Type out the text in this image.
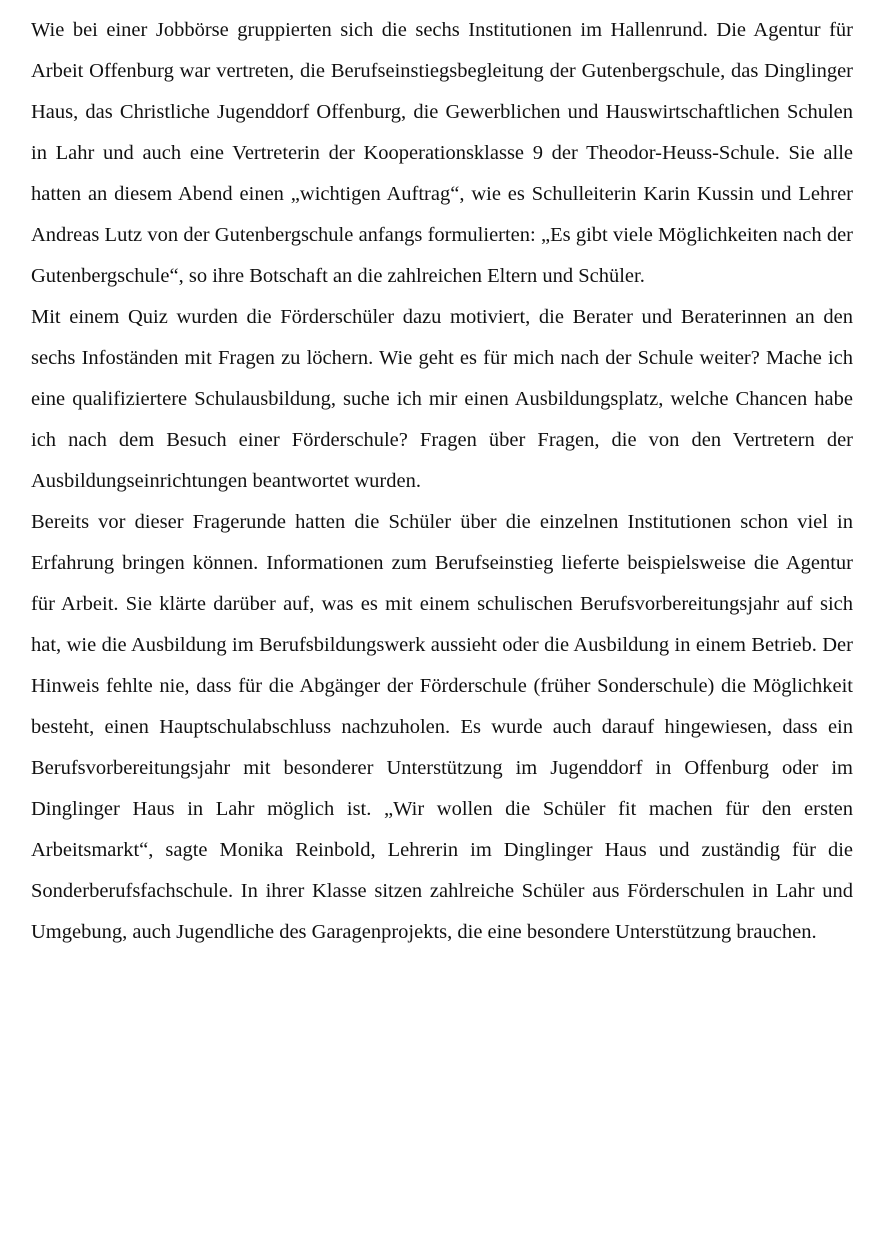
Wie bei einer Jobbörse gruppierten sich die sechs Institutionen im Hallenrund. Die Agentur für Arbeit Offenburg war vertreten, die Berufseinstiegsbegleitung der Gutenbergschule, das Dinglinger Haus, das Christliche Jugenddorf Offenburg, die Gewerblichen und Hauswirtschaftlichen Schulen in Lahr und auch eine Vertreterin der Kooperationsklasse 9 der Theodor-Heuss-Schule. Sie alle hatten an diesem Abend einen „wichtigen Auftrag“, wie es Schulleiterin Karin Kussin und Lehrer Andreas Lutz von der Gutenbergschule anfangs formulierten: „Es gibt viele Möglichkeiten nach der Gutenbergschule“, so ihre Botschaft an die zahlreichen Eltern und Schüler.

Mit einem Quiz wurden die Förderschüler dazu motiviert, die Berater und Beraterinnen an den sechs Infoständen mit Fragen zu löchern. Wie geht es für mich nach der Schule weiter? Mache ich eine qualifiziertere Schulausbildung, suche ich mir einen Ausbildungsplatz, welche Chancen habe ich nach dem Besuch einer Förderschule? Fragen über Fragen, die von den Vertretern der Ausbildungseinrichtungen beantwortet wurden.

Bereits vor dieser Fragerunde hatten die Schüler über die einzelnen Institutionen schon viel in Erfahrung bringen können. Informationen zum Berufseinstieg lieferte beispielsweise die Agentur für Arbeit. Sie klärte darüber auf, was es mit einem schulischen Berufsvorbereitungsjahr auf sich hat, wie die Ausbildung im Berufsbildungswerk aussieht oder die Ausbildung in einem Betrieb. Der Hinweis fehlte nie, dass für die Abgänger der Förderschule (früher Sonderschule) die Möglichkeit besteht, einen Hauptschulabschluss nachzuholen. Es wurde auch darauf hingewiesen, dass ein Berufsvorbereitungsjahr mit besonderer Unterstützung im Jugenddorf in Offenburg oder im Dinglinger Haus in Lahr möglich ist. „Wir wollen die Schüler fit machen für den ersten Arbeitsmarkt“, sagte Monika Reinbold, Lehrerin im Dinglinger Haus und zuständig für die Sonderberufsfachschule. In ihrer Klasse sitzen zahlreiche Schüler aus Förderschulen in Lahr und Umgebung, auch Jugendliche des Garagenprojekts, die eine besondere Unterstützung brauchen.
